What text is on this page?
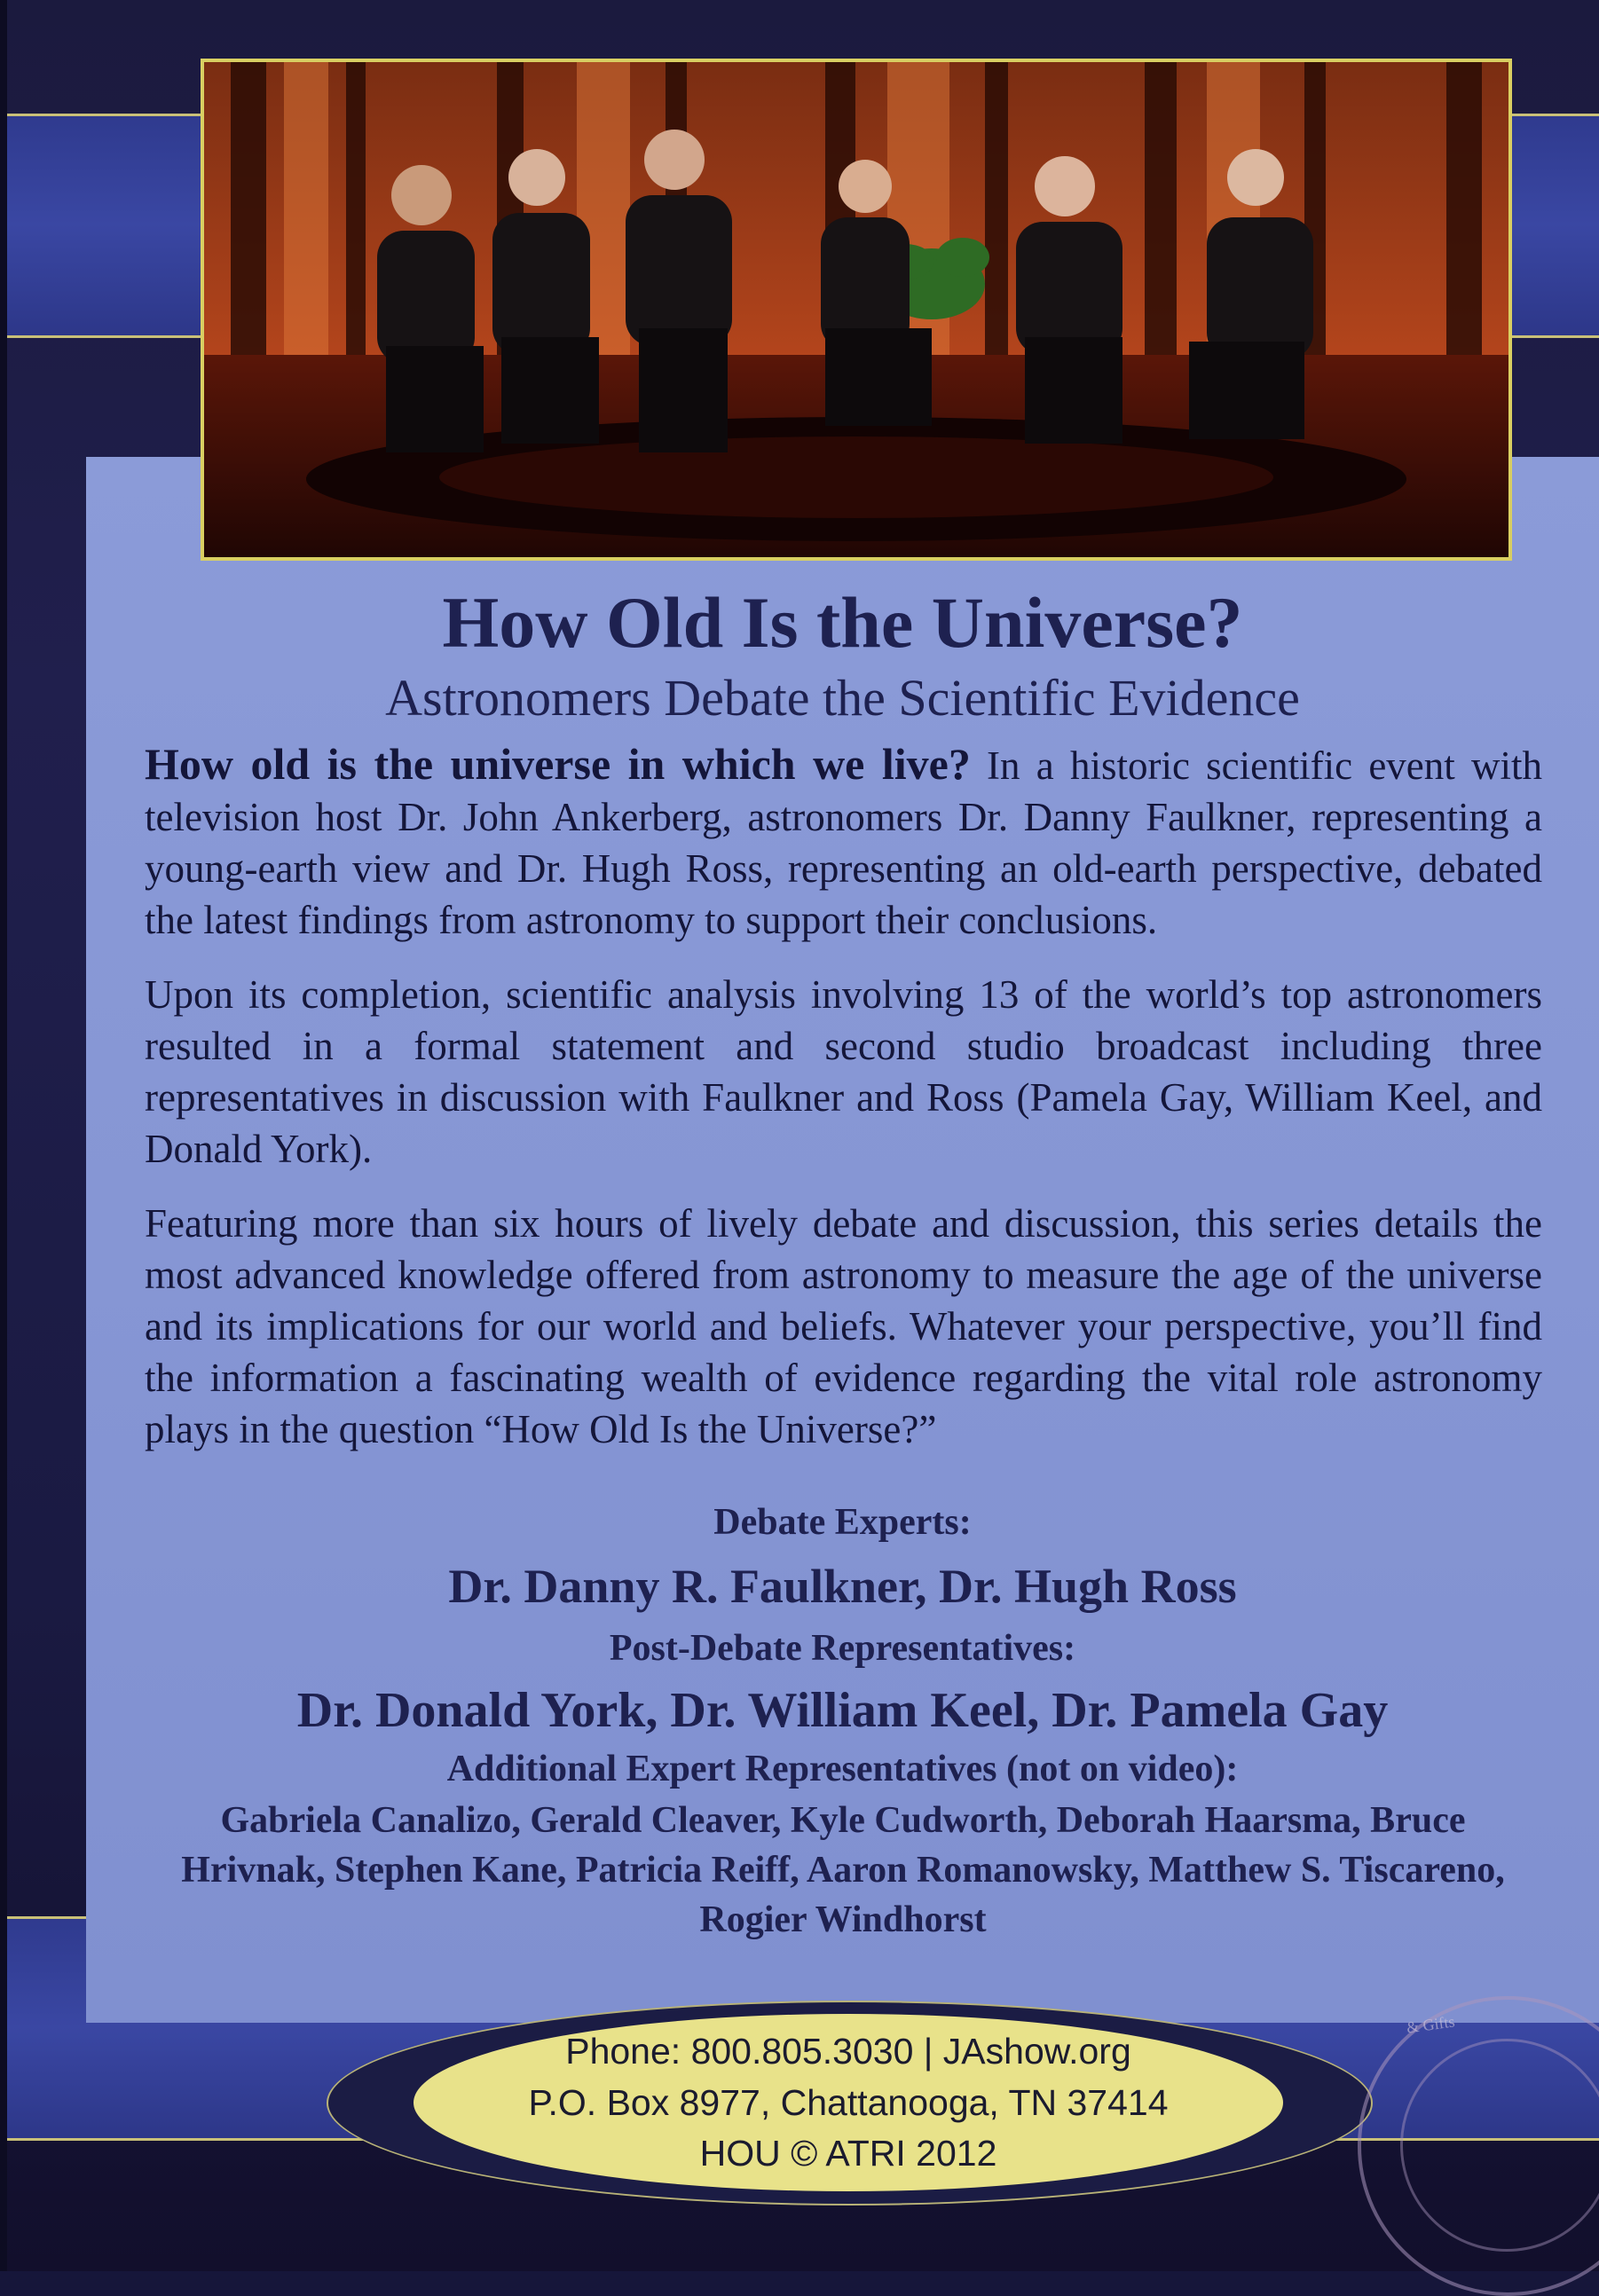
How Old Is the Universe?
Astronomers Debate the Scientific Evidence
How old is the universe in which we live? In a historic scientific event with television host Dr. John Ankerberg, astronomers Dr. Danny Faulkner, representing a young-earth view and Dr. Hugh Ross, representing an old-earth perspective, debated the latest findings from astronomy to support their conclusions.
Upon its completion, scientific analysis involving 13 of the world’s top astronomers resulted in a formal statement and second studio broadcast including three representatives in discussion with Faulkner and Ross (Pamela Gay, William Keel, and Donald York).
Featuring more than six hours of lively debate and discussion, this series details the most advanced knowledge offered from astronomy to measure the age of the universe and its implications for our world and beliefs. Whatever your perspective, you’ll find the information a fascinating wealth of evidence regarding the vital role astronomy plays in the question “How Old Is the Universe?”
Debate Experts:
Dr. Danny R. Faulkner, Dr. Hugh Ross
Post-Debate Representatives:
Dr. Donald York, Dr. William Keel, Dr. Pamela Gay
Additional Expert Representatives (not on video):
Gabriela Canalizo, Gerald Cleaver, Kyle Cudworth, Deborah Haarsma, Bruce Hrivnak, Stephen Kane, Patricia Reiff, Aaron Romanowsky, Matthew S. Tiscareno, Rogier Windhorst
Phone: 800.805.3030 | JAshow.org
P.O. Box 8977, Chattanooga, TN 37414
HOU © ATRI 2012
& Gifts
